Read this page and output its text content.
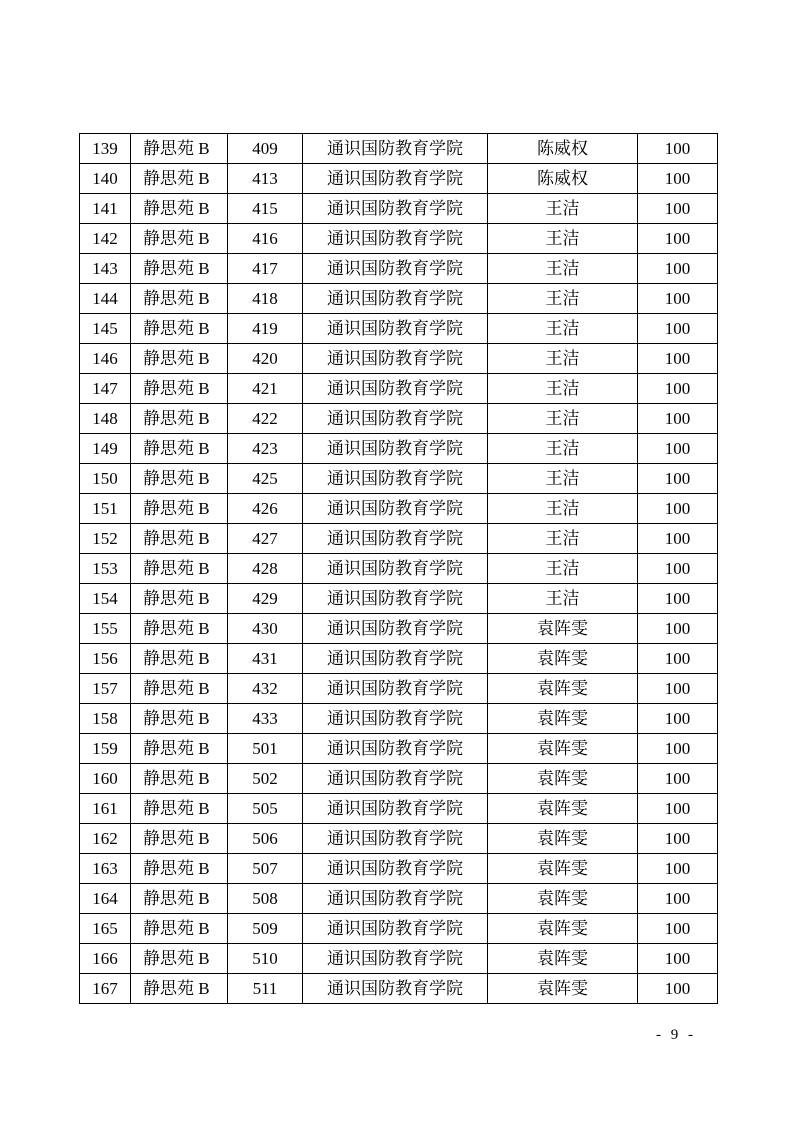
139	静思苑 B	409	通识国防教育学院	陈威权	100
140	静思苑 B	413	通识国防教育学院	陈威权	100
141	静思苑 B	415	通识国防教育学院	王洁	100
142	静思苑 B	416	通识国防教育学院	王洁	100
143	静思苑 B	417	通识国防教育学院	王洁	100
144	静思苑 B	418	通识国防教育学院	王洁	100
145	静思苑 B	419	通识国防教育学院	王洁	100
146	静思苑 B	420	通识国防教育学院	王洁	100
147	静思苑 B	421	通识国防教育学院	王洁	100
148	静思苑 B	422	通识国防教育学院	王洁	100
149	静思苑 B	423	通识国防教育学院	王洁	100
150	静思苑 B	425	通识国防教育学院	王洁	100
151	静思苑 B	426	通识国防教育学院	王洁	100
152	静思苑 B	427	通识国防教育学院	王洁	100
153	静思苑 B	428	通识国防教育学院	王洁	100
154	静思苑 B	429	通识国防教育学院	王洁	100
155	静思苑 B	430	通识国防教育学院	袁阵雯	100
156	静思苑 B	431	通识国防教育学院	袁阵雯	100
157	静思苑 B	432	通识国防教育学院	袁阵雯	100
158	静思苑 B	433	通识国防教育学院	袁阵雯	100
159	静思苑 B	501	通识国防教育学院	袁阵雯	100
160	静思苑 B	502	通识国防教育学院	袁阵雯	100
161	静思苑 B	505	通识国防教育学院	袁阵雯	100
162	静思苑 B	506	通识国防教育学院	袁阵雯	100
163	静思苑 B	507	通识国防教育学院	袁阵雯	100
164	静思苑 B	508	通识国防教育学院	袁阵雯	100
165	静思苑 B	509	通识国防教育学院	袁阵雯	100
166	静思苑 B	510	通识国防教育学院	袁阵雯	100
167	静思苑 B	511	通识国防教育学院	袁阵雯	100
- 9 -
